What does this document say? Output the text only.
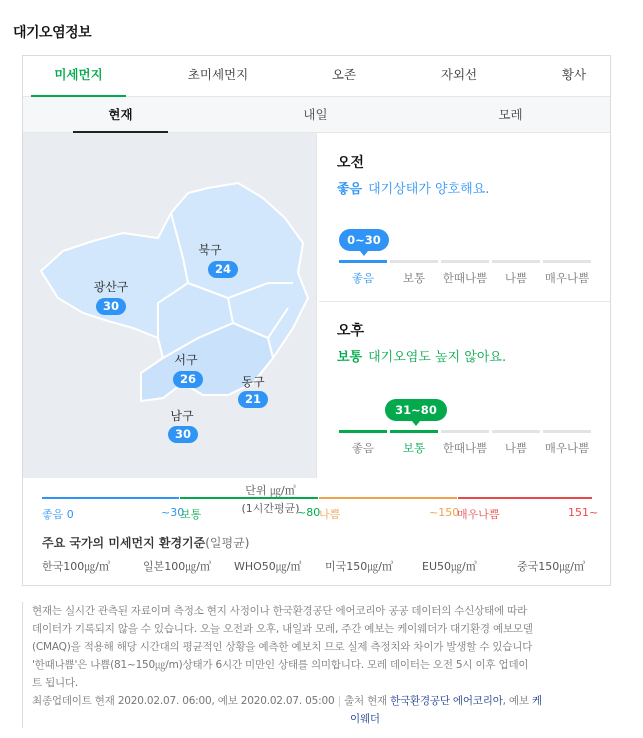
대기오염정보
미세먼지	초미세먼지	오존	자외선	황사
현재	내일	모레
북구
24
광산구
30
서구
26	동구
21
남구
30
단위 ㎍/㎥
(1시간평균)
오전
좋음 대기상태가 양호해요.
0~30
좋음	보통	한때나쁨	나쁨	매우나쁨
오후
보통 대기오염도 높지 않아요.
31~80
좋음	보통	한때나쁨	나쁨	매우나쁨
좋음 0	~30
보통	~80
나쁨	~150
매우나쁨	151~
주요 국가의 미세먼지 환경기준(일평균)
한국100㎍/㎥	일본100㎍/㎥ WHO50㎍/㎥ 미국150㎍/㎥	EU50㎍/㎥	중국150㎍/㎥
현재는 실시간 관측된 자료이며 측정소 현지 사정이나 한국환경공단 에어코리아 공공 데이터의 수신상태에 따라
데이터가 기록되지 않을 수 있습니다. 오늘 오전과 오후, 내일과 모레, 주간 예보는 케이웨더가 대기환경 예보모델
(CMAQ)을 적용해 해당 시간대의 평균적인 상황을 예측한 예보치 므로 실제 측정치와 차이가 발생할 수 있습니다
'한때나쁨'은 나쁨(81~150㎍/m)상태가 6시간 미만인 상태를 의미합니다. 모레 데이터는 오전 5시 이후 업데이
트 됩니다.
최종업데이트 현재 2020.02.07. 06:00, 예보 2020.02.07. 05:00 | 출처 현재 한국환경공단 에어코리아, 예보 케
이웨더
